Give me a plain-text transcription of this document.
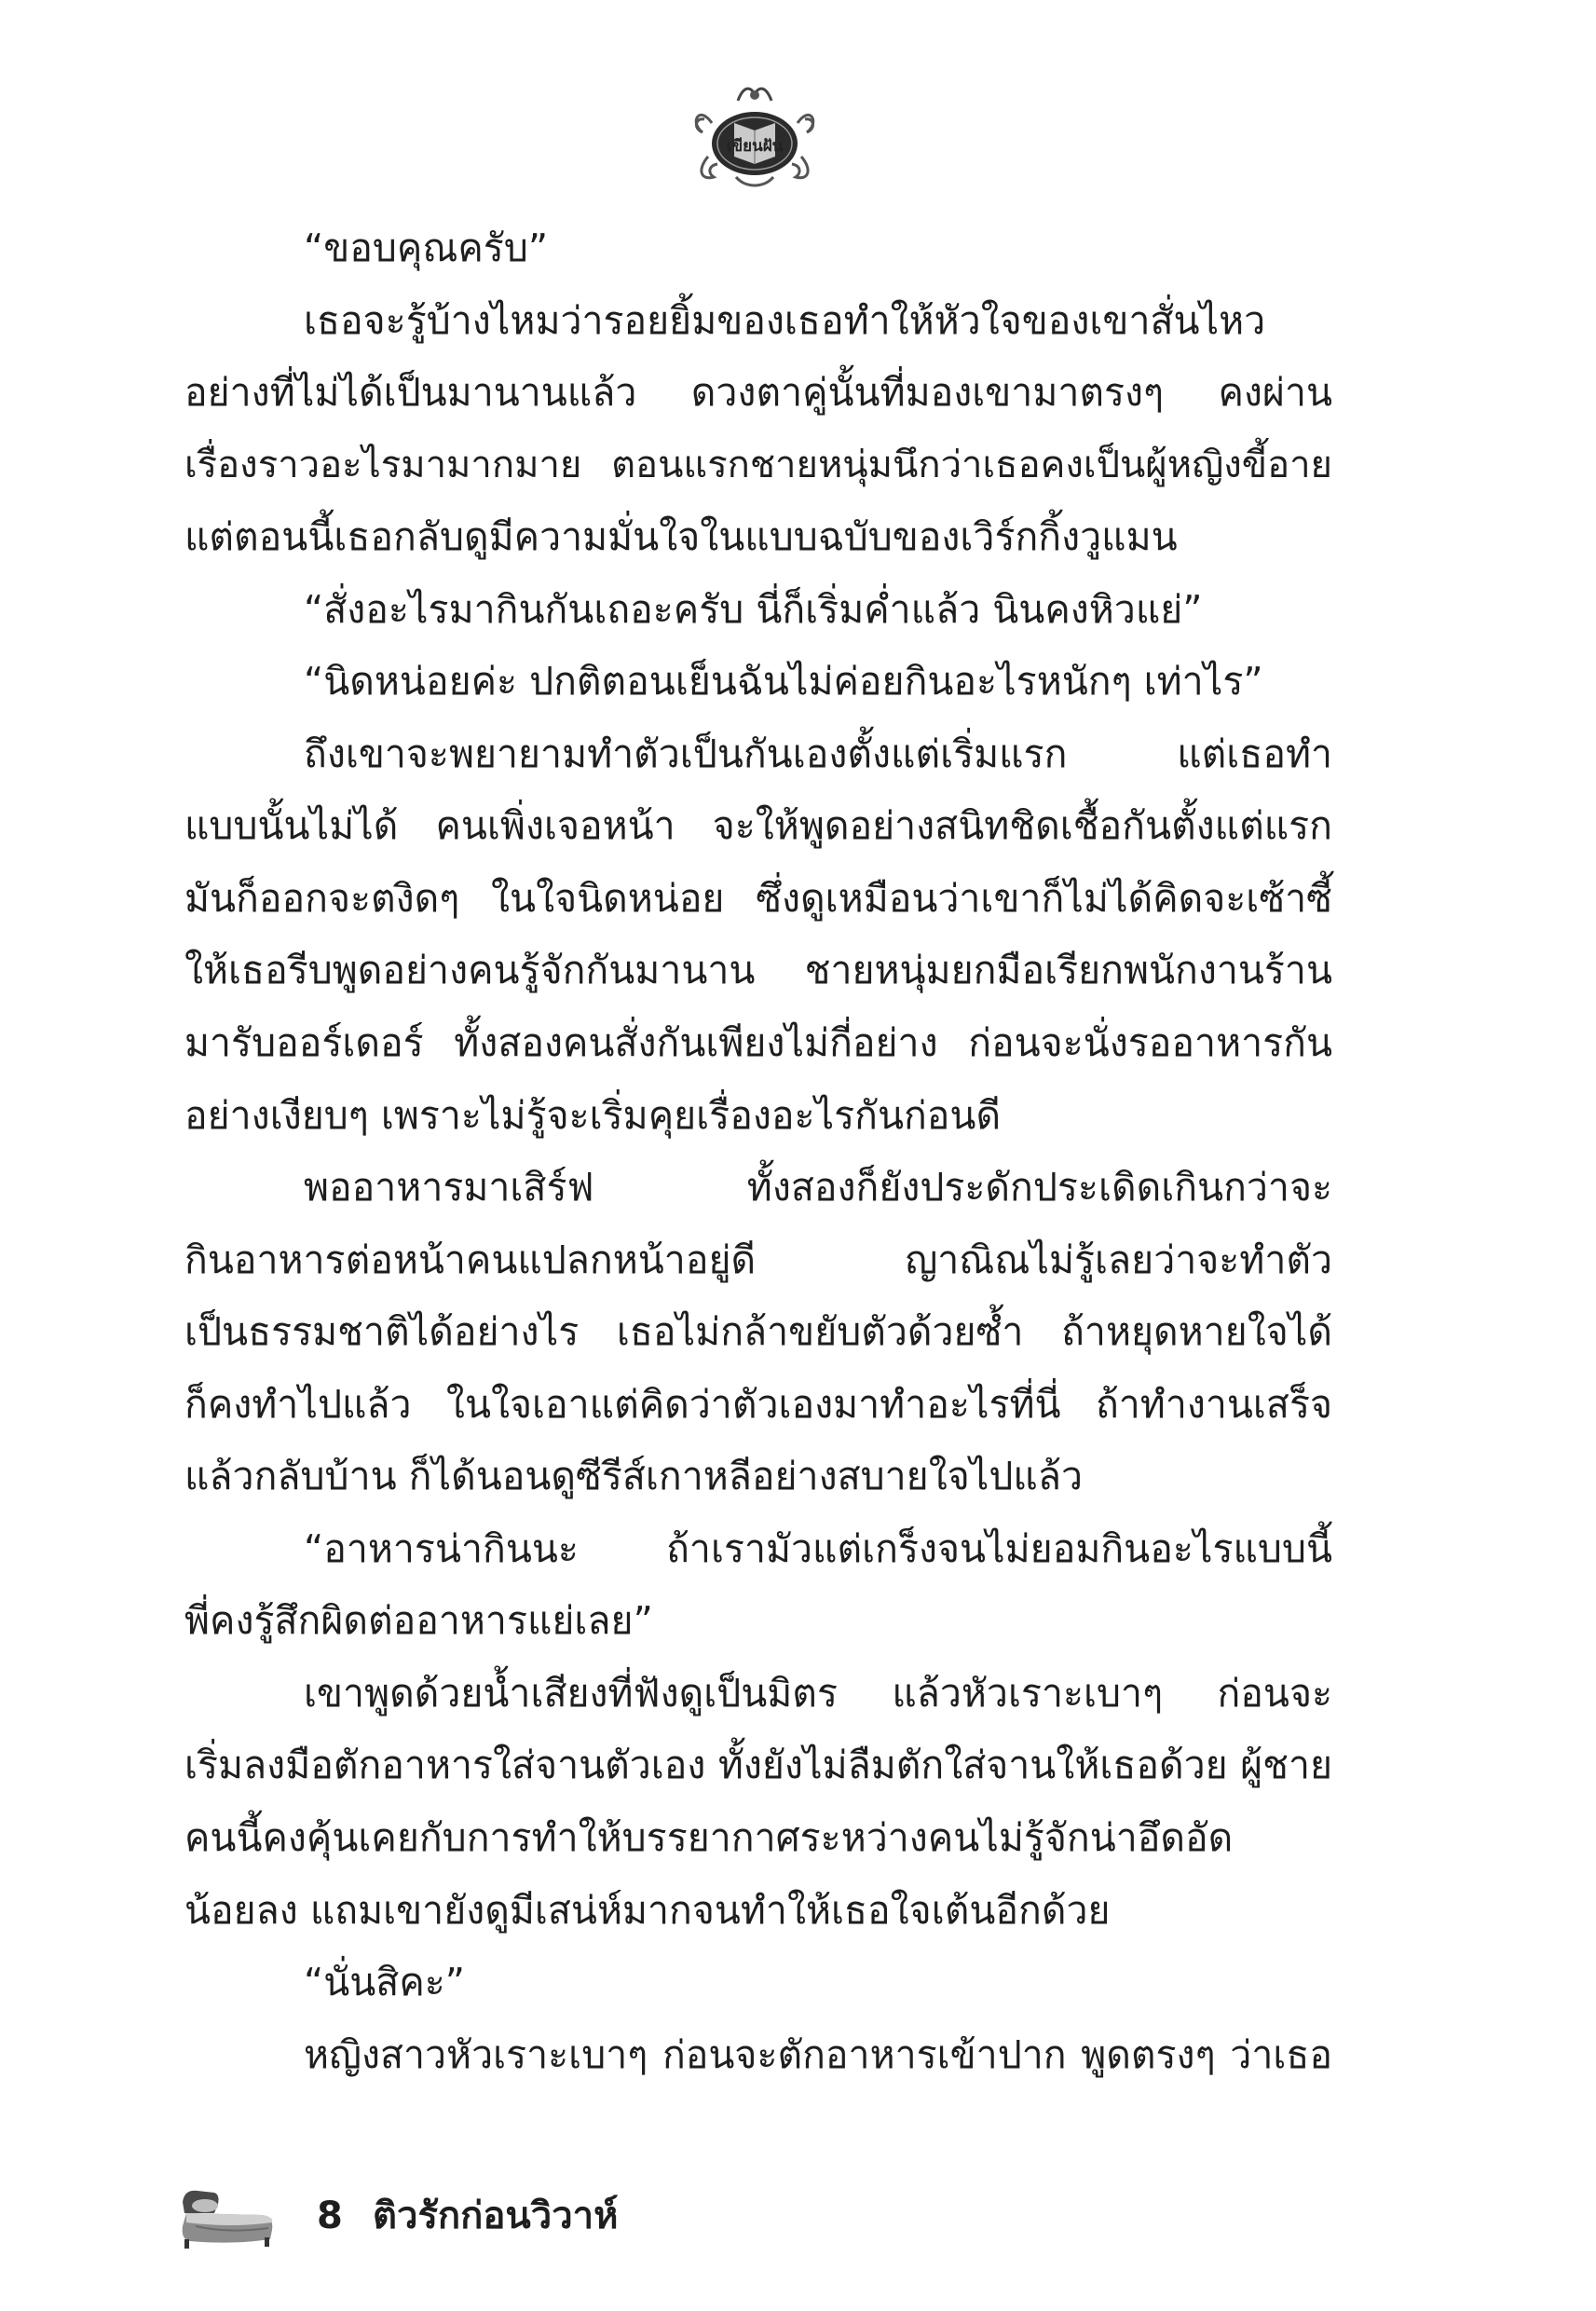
เขียนฝัน
“ขอบคุณครับ”
เธอจะรู้บ้างไหมว่ารอยยิ้มของเธอทำให้หัวใจของเขาสั่นไหว
อย่างที่ไม่ได้เป็นมานานแล้ว ดวงตาคู่นั้นที่มองเขามาตรงๆ คงผ่าน
เรื่องราวอะไรมามากมาย ตอนแรกชายหนุ่มนึกว่าเธอคงเป็นผู้หญิงขี้อาย
แต่ตอนนี้เธอกลับดูมีความมั่นใจในแบบฉบับของเวิร์กกิ้งวูแมน
“สั่งอะไรมากินกันเถอะครับ นี่ก็เริ่มค่ำแล้ว นินคงหิวแย่”
“นิดหน่อยค่ะ ปกติตอนเย็นฉันไม่ค่อยกินอะไรหนักๆ เท่าไร”
ถึงเขาจะพยายามทำตัวเป็นกันเองตั้งแต่เริ่มแรก แต่เธอทำ
แบบนั้นไม่ได้ คนเพิ่งเจอหน้า จะให้พูดอย่างสนิทชิดเชื้อกันตั้งแต่แรก
มันก็ออกจะตงิดๆ ในใจนิดหน่อย ซึ่งดูเหมือนว่าเขาก็ไม่ได้คิดจะเซ้าซี้
ให้เธอรีบพูดอย่างคนรู้จักกันมานาน ชายหนุ่มยกมือเรียกพนักงานร้าน
มารับออร์เดอร์ ทั้งสองคนสั่งกันเพียงไม่กี่อย่าง ก่อนจะนั่งรออาหารกัน
อย่างเงียบๆ เพราะไม่รู้จะเริ่มคุยเรื่องอะไรกันก่อนดี
พออาหารมาเสิร์ฟ ทั้งสองก็ยังประดักประเดิดเกินกว่าจะ
กินอาหารต่อหน้าคนแปลกหน้าอยู่ดี ญาณิณไม่รู้เลยว่าจะทำตัว
เป็นธรรมชาติได้อย่างไร เธอไม่กล้าขยับตัวด้วยซ้ำ ถ้าหยุดหายใจได้
ก็คงทำไปแล้ว ในใจเอาแต่คิดว่าตัวเองมาทำอะไรที่นี่ ถ้าทำงานเสร็จ
แล้วกลับบ้าน ก็ได้นอนดูซีรีส์เกาหลีอย่างสบายใจไปแล้ว
“อาหารน่ากินนะ ถ้าเรามัวแต่เกร็งจนไม่ยอมกินอะไรแบบนี้
พี่คงรู้สึกผิดต่ออาหารแย่เลย”
เขาพูดด้วยน้ำเสียงที่ฟังดูเป็นมิตร แล้วหัวเราะเบาๆ ก่อนจะ
เริ่มลงมือตักอาหารใส่จานตัวเอง ทั้งยังไม่ลืมตักใส่จานให้เธอด้วย ผู้ชาย
คนนี้คงคุ้นเคยกับการทำให้บรรยากาศระหว่างคนไม่รู้จักน่าอึดอัด
น้อยลง แถมเขายังดูมีเสน่ห์มากจนทำให้เธอใจเต้นอีกด้วย
“นั่นสิคะ”
หญิงสาวหัวเราะเบาๆ ก่อนจะตักอาหารเข้าปาก พูดตรงๆ ว่าเธอ
8 ติวรักก่อนวิวาห์
